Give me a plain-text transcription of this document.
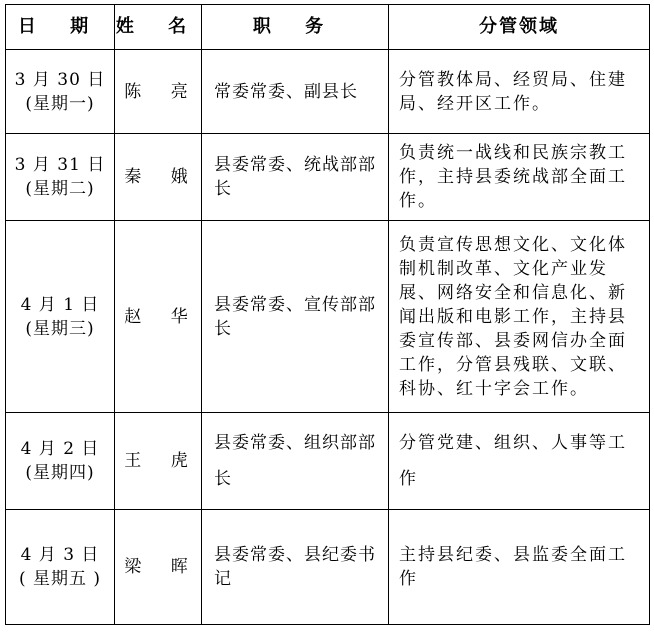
日 期	姓 名	职 务	分管领域

3 月 30 日
(星期一)	陈 亮	常委常委、副县长	分管教体局、经贸局、住建局、经开区工作。

3 月 31 日
(星期二)	秦 娥	县委常委、统战部部长	负责统一战线和民族宗教工作，主持县委统战部全面工作。

4 月 1 日
(星期三)	赵 华	县委常委、宣传部部长	负责宣传思想文化、文化体制机制改革、文化产业发展、网络安全和信息化、新闻出版和电影工作，主持县委宣传部、县委网信办全面工作，分管县残联、文联、科协、红十字会工作。

4 月 2 日
(星期四)	王 虎	县委常委、组织部部长	分管党建、组织、人事等工作

4 月 3 日
( 星期五 )	梁 晖	县委常委、县纪委书记	主持县纪委、县监委全面工作
